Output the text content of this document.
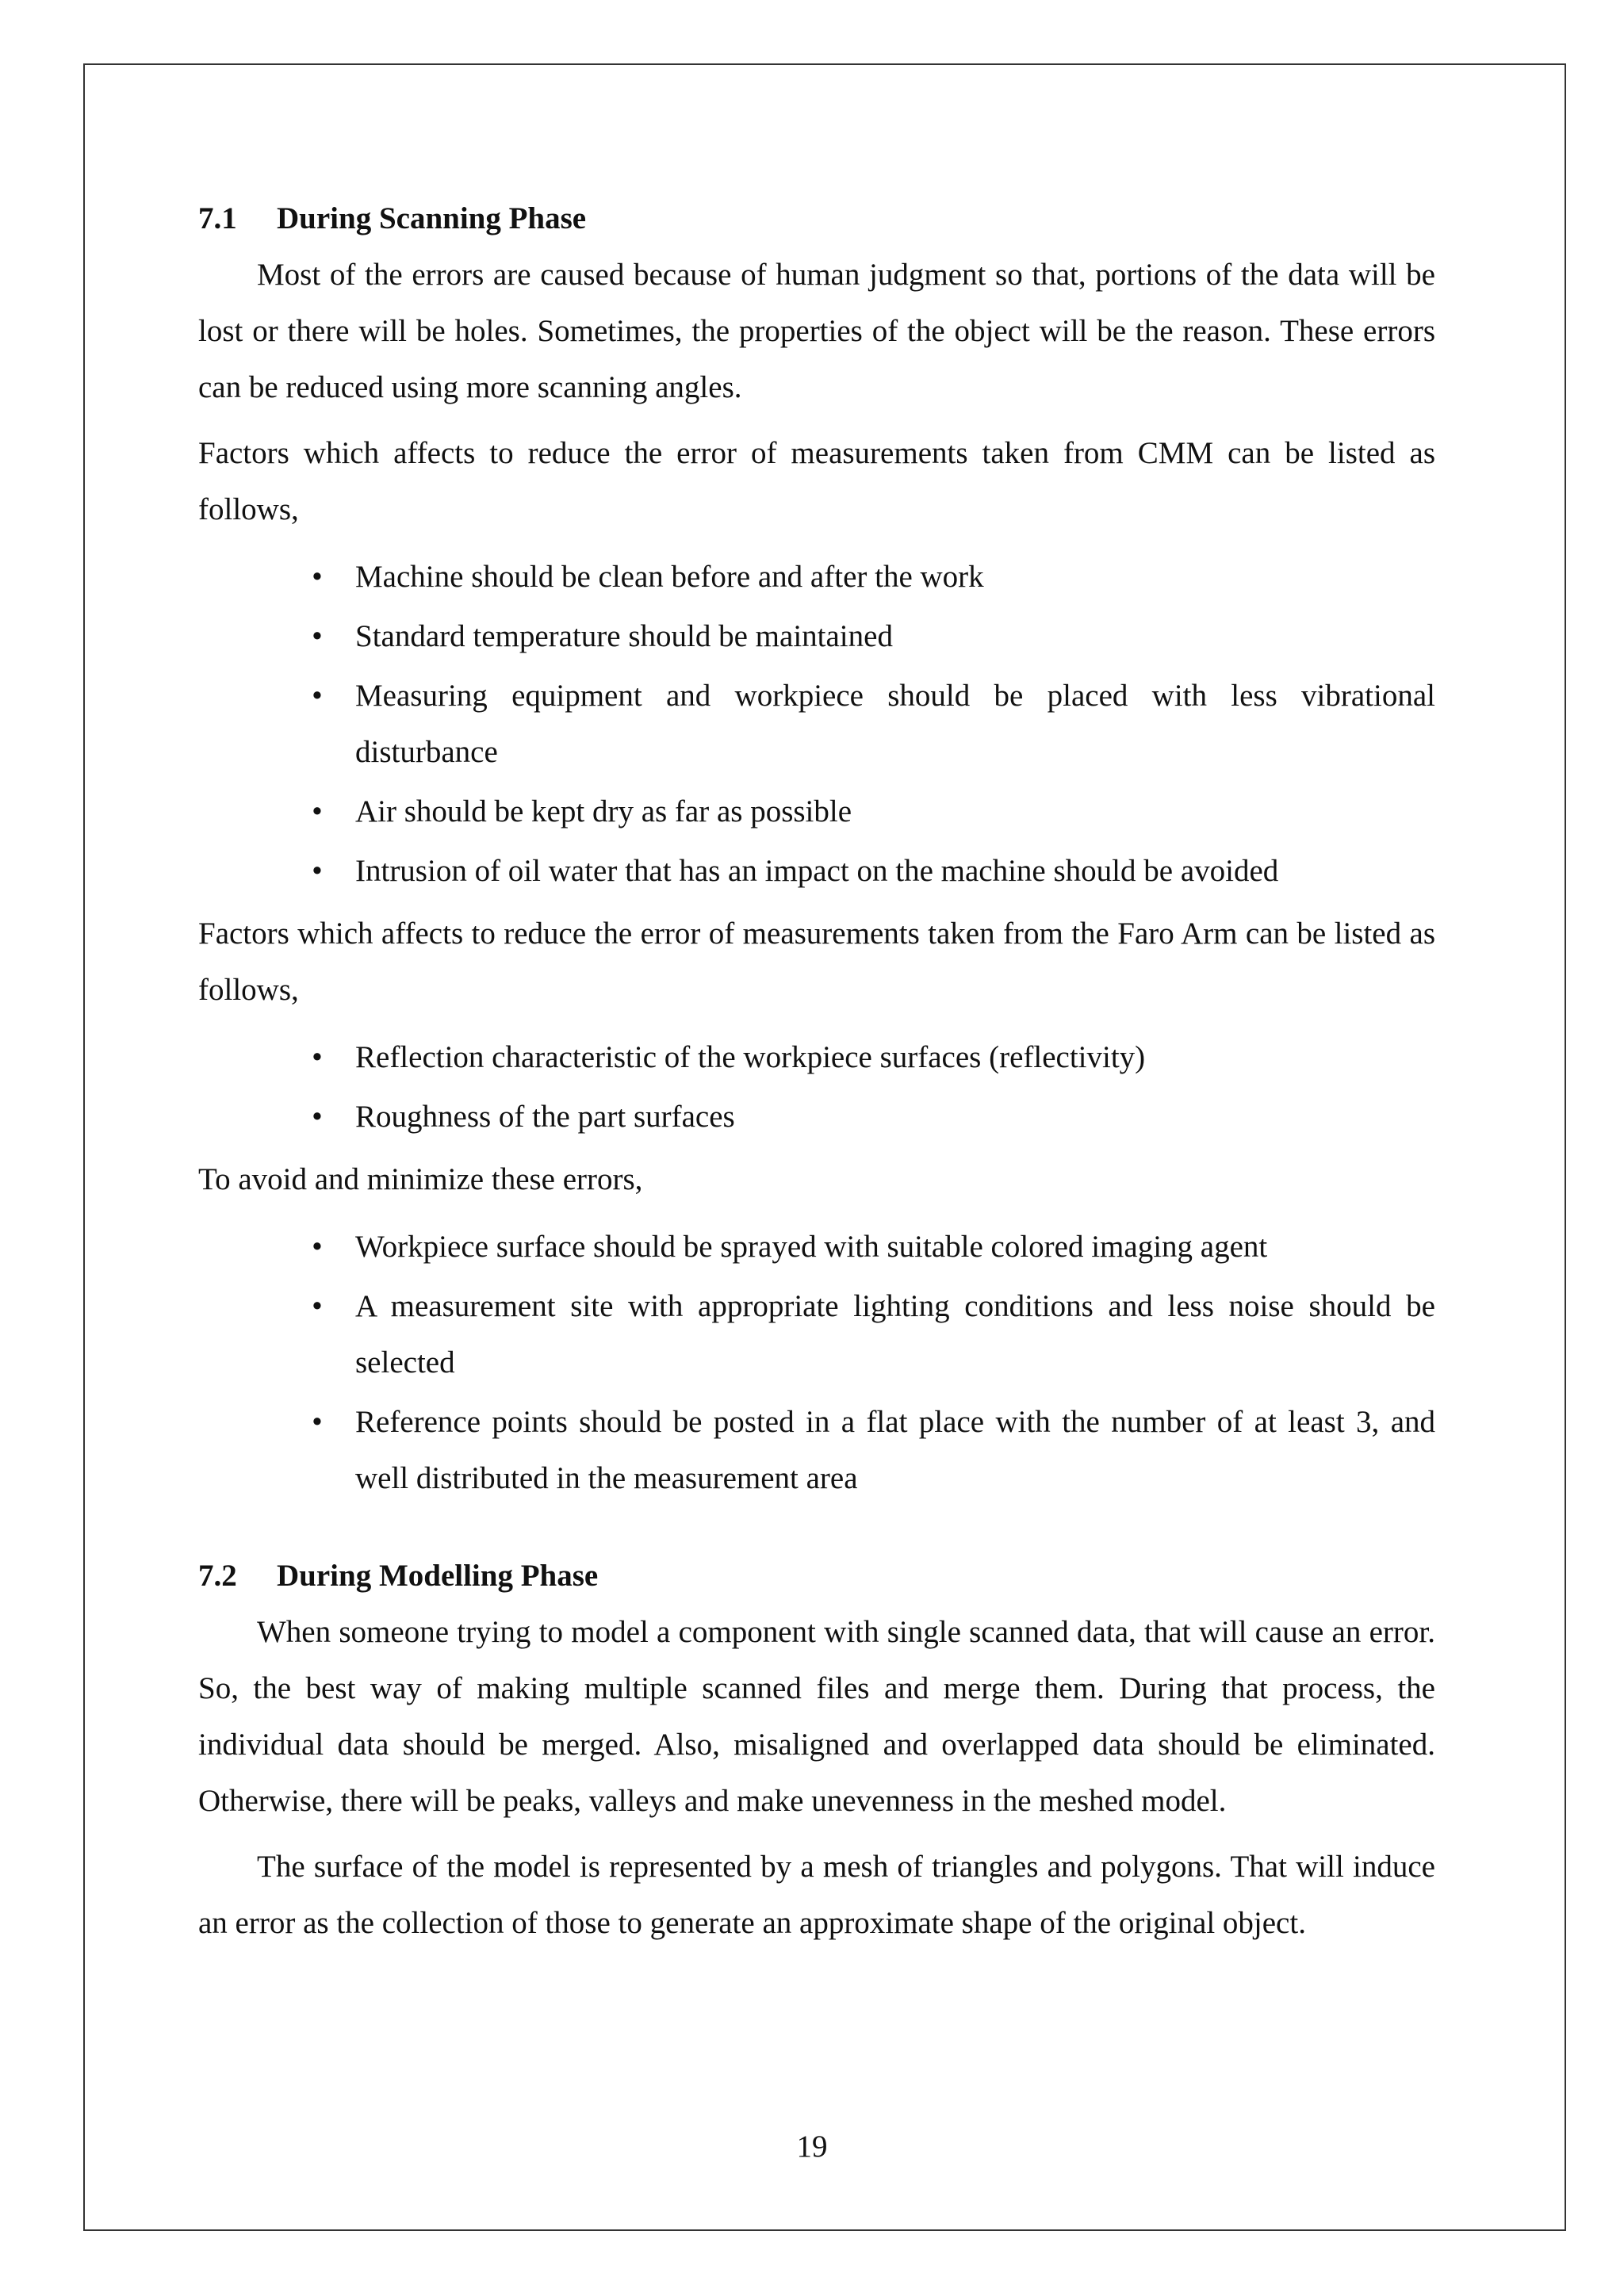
7.1	During Scanning Phase

Most of the errors are caused because of human judgment so that, portions of the data will be lost or there will be holes. Sometimes, the properties of the object will be the reason. These errors can be reduced using more scanning angles.

Factors which affects to reduce the error of measurements taken from CMM can be listed as follows,

• Machine should be clean before and after the work
• Standard temperature should be maintained
• Measuring equipment and workpiece should be placed with less vibrational disturbance
• Air should be kept dry as far as possible
• Intrusion of oil water that has an impact on the machine should be avoided

Factors which affects to reduce the error of measurements taken from the Faro Arm can be listed as follows,

• Reflection characteristic of the workpiece surfaces (reflectivity)
• Roughness of the part surfaces

To avoid and minimize these errors,

• Workpiece surface should be sprayed with suitable colored imaging agent
• A measurement site with appropriate lighting conditions and less noise should be selected
• Reference points should be posted in a flat place with the number of at least 3, and well distributed in the measurement area
7.2	During Modelling Phase

When someone trying to model a component with single scanned data, that will cause an error. So, the best way of making multiple scanned files and merge them. During that process, the individual data should be merged. Also, misaligned and overlapped data should be eliminated. Otherwise, there will be peaks, valleys and make unevenness in the meshed model.

The surface of the model is represented by a mesh of triangles and polygons. That will induce an error as the collection of those to generate an approximate shape of the original object.

19
